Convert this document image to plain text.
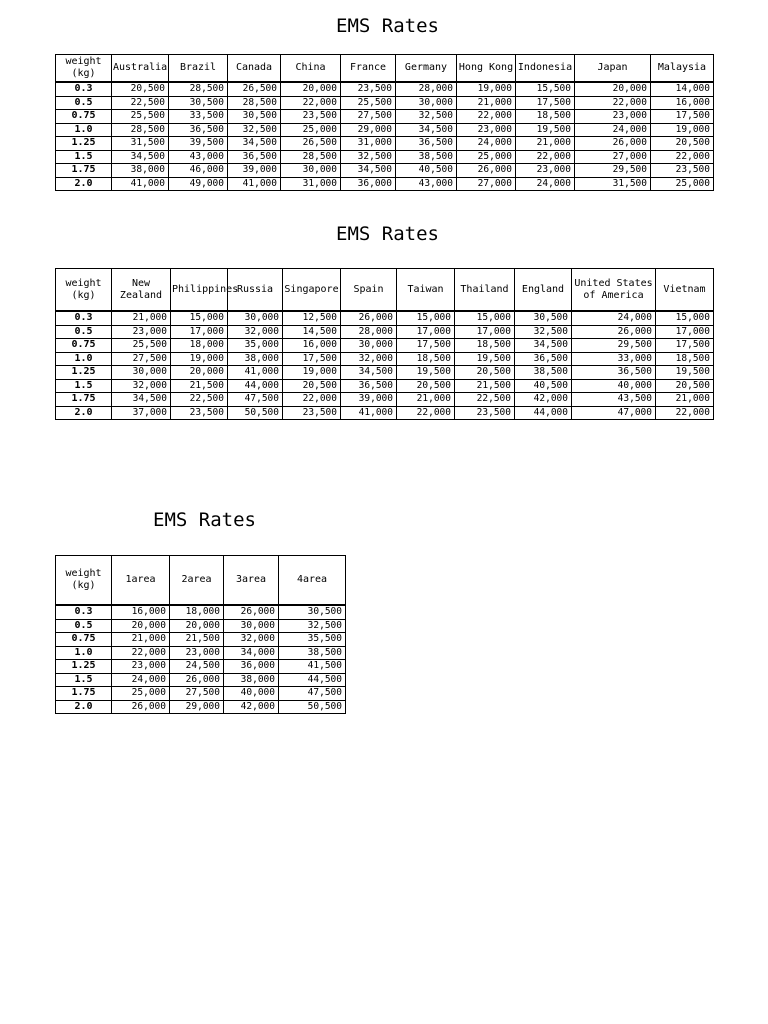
EMS Rates
weight (kg)	Australia	Brazil	Canada	China	France	Germany	Hong Kong	Indonesia	Japan	Malaysia
0.3	20,500	28,500	26,500	20,000	23,500	28,000	19,000	15,500	20,000	14,000
0.5	22,500	30,500	28,500	22,000	25,500	30,000	21,000	17,500	22,000	16,000
0.75	25,500	33,500	30,500	23,500	27,500	32,500	22,000	18,500	23,000	17,500
1.0	28,500	36,500	32,500	25,000	29,000	34,500	23,000	19,500	24,000	19,000
1.25	31,500	39,500	34,500	26,500	31,000	36,500	24,000	21,000	26,000	20,500
1.5	34,500	43,000	36,500	28,500	32,500	38,500	25,000	22,000	27,000	22,000
1.75	38,000	46,000	39,000	30,000	34,500	40,500	26,000	23,000	29,500	23,500
2.0	41,000	49,000	41,000	31,000	36,000	43,000	27,000	24,000	31,500	25,000
EMS Rates
weight (kg)	New Zealand	Philippines	Russia	Singapore	Spain	Taiwan	Thailand	England	United States of America	Vietnam
0.3	21,000	15,000	30,000	12,500	26,000	15,000	15,000	30,500	24,000	15,000
0.5	23,000	17,000	32,000	14,500	28,000	17,000	17,000	32,500	26,000	17,000
0.75	25,500	18,000	35,000	16,000	30,000	17,500	18,500	34,500	29,500	17,500
1.0	27,500	19,000	38,000	17,500	32,000	18,500	19,500	36,500	33,000	18,500
1.25	30,000	20,000	41,000	19,000	34,500	19,500	20,500	38,500	36,500	19,500
1.5	32,000	21,500	44,000	20,500	36,500	20,500	21,500	40,500	40,000	20,500
1.75	34,500	22,500	47,500	22,000	39,000	21,000	22,500	42,000	43,500	21,000
2.0	37,000	23,500	50,500	23,500	41,000	22,000	23,500	44,000	47,000	22,000
EMS Rates
weight (kg)	1area	2area	3area	4area
0.3	16,000	18,000	26,000	30,500
0.5	20,000	20,000	30,000	32,500
0.75	21,000	21,500	32,000	35,500
1.0	22,000	23,000	34,000	38,500
1.25	23,000	24,500	36,000	41,500
1.5	24,000	26,000	38,000	44,500
1.75	25,000	27,500	40,000	47,500
2.0	26,000	29,000	42,000	50,500
